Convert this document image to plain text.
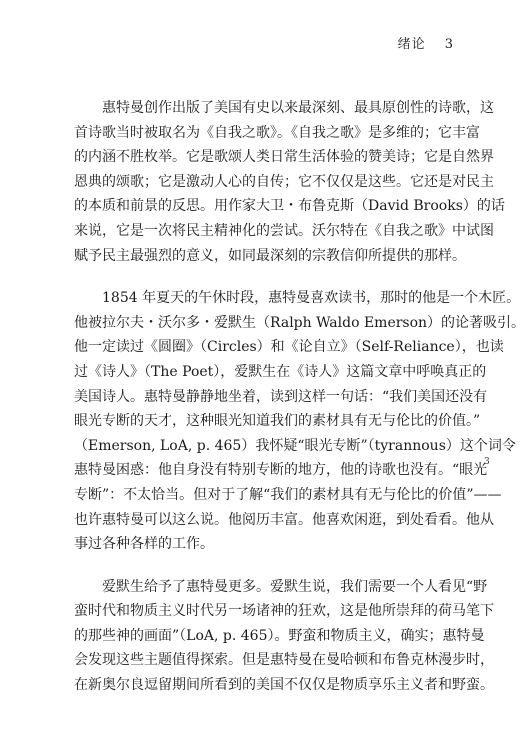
绪论 3
惠特曼创作出版了美国有史以来最深刻、最具原创性的诗歌，这
首诗歌当时被取名为《自我之歌》。《自我之歌》是多维的；它丰富
的内涵不胜枚举。它是歌颂人类日常生活体验的赞美诗；它是自然界
恩典的颂歌；它是激动人心的自传；它不仅仅是这些。它还是对民主
的本质和前景的反思。用作家大卫・布鲁克斯（David Brooks）的话
来说，它是一次将民主精神化的尝试。沃尔特在《自我之歌》中试图
赋予民主最强烈的意义，如同最深刻的宗教信仰所提供的那样。
1854 年夏天的午休时段，惠特曼喜欢读书，那时的他是一个木匠。
他被拉尔夫・沃尔多・爱默生（Ralph Waldo Emerson）的论著吸引。
他一定读过《圆圈》（Circles）和《论自立》（Self-Reliance），也读
过《诗人》（The Poet），爱默生在《诗人》这篇文章中呼唤真正的
美国诗人。惠特曼静静地坐着，读到这样一句话：“我们美国还没有
眼光专断的天才，这种眼光知道我们的素材具有无与伦比的价值。”
（Emerson, LoA, p. 465）我怀疑“眼光专断”（tyrannous）这个词令
惠特曼困惑：他自身没有特别专断的地方，他的诗歌也没有。“眼光
专断”：不太恰当。但对于了解“我们的素材具有无与伦比的价值”——
也许惠特曼可以这么说。他阅历丰富。他喜欢闲逛，到处看看。他从
事过各种各样的工作。
爱默生给予了惠特曼更多。爱默生说，我们需要一个人看见“野
蛮时代和物质主义时代另一场诸神的狂欢，这是他所崇拜的荷马笔下
的那些神的画面”（LoA, p. 465）。野蛮和物质主义，确实；惠特曼
会发现这些主题值得探索。但是惠特曼在曼哈顿和布鲁克林漫步时，
在新奥尔良逗留期间所看到的美国不仅仅是物质享乐主义者和野蛮。
3
